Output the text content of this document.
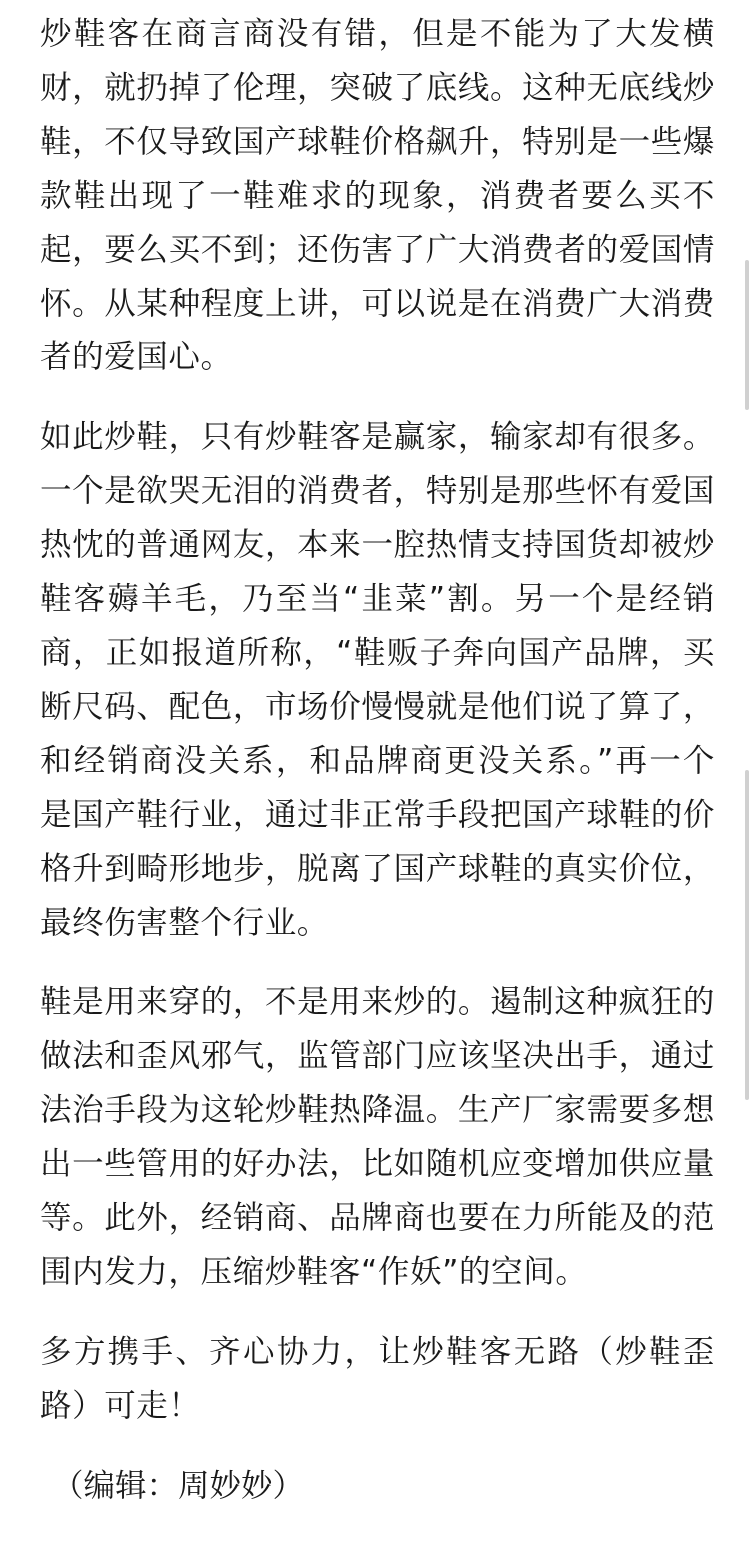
炒鞋客在商言商没有错，但是不能为了大发横财，就扔掉了伦理，突破了底线。这种无底线炒鞋，不仅导致国产球鞋价格飙升，特别是一些爆款鞋出现了一鞋难求的现象，消费者要么买不起，要么买不到；还伤害了广大消费者的爱国情怀。从某种程度上讲，可以说是在消费广大消费者的爱国心。

如此炒鞋，只有炒鞋客是赢家，输家却有很多。一个是欲哭无泪的消费者，特别是那些怀有爱国热忱的普通网友，本来一腔热情支持国货却被炒鞋客薅羊毛，乃至当“韭菜”割。另一个是经销商，正如报道所称，“鞋贩子奔向国产品牌，买断尺码、配色，市场价慢慢就是他们说了算了，和经销商没关系，和品牌商更没关系。”再一个是国产鞋行业，通过非正常手段把国产球鞋的价格升到畸形地步，脱离了国产球鞋的真实价位，最终伤害整个行业。

鞋是用来穿的，不是用来炒的。遏制这种疯狂的做法和歪风邪气，监管部门应该坚决出手，通过法治手段为这轮炒鞋热降温。生产厂家需要多想出一些管用的好办法，比如随机应变增加供应量等。此外，经销商、品牌商也要在力所能及的范围内发力，压缩炒鞋客“作妖”的空间。

多方携手、齐心协力，让炒鞋客无路（炒鞋歪路）可走！

（编辑：周妙妙）
